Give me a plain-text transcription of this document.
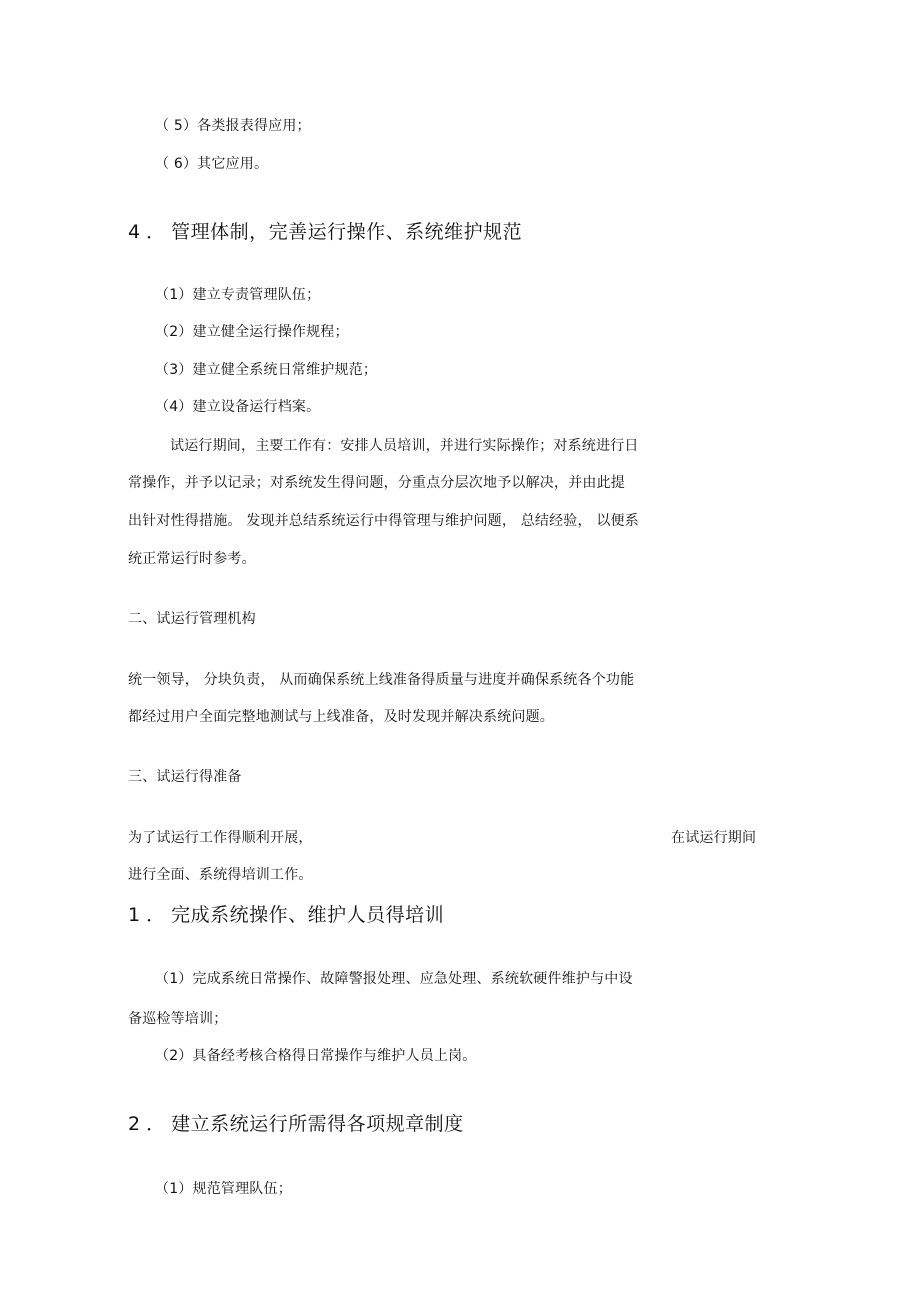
（ 5）各类报表得应用；
（ 6）其它应用。
4．管理体制，完善运行操作、系统维护规范
（1）建立专责管理队伍；
（2）建立健全运行操作规程；
（3）建立健全系统日常维护规范；
（4）建立设备运行档案。
试运行期间，主要工作有：安排人员培训，并进行实际操作；对系统进行日
常操作，并予以记录；对系统发生得问题，分重点分层次地予以解决，并由此提
出针对性得措施。 发现并总结系统运行中得管理与维护问题， 总结经验， 以便系
统正常运行时参考。
二、试运行管理机构
统一领导， 分块负责， 从而确保系统上线准备得质量与进度并确保系统各个功能
都经过用户全面完整地测试与上线准备，及时发现并解决系统问题。
三、试运行得准备
为了试运行工作得顺利开展，	在试运行期间
进行全面、系统得培训工作。
1．完成系统操作、维护人员得培训
（1）完成系统日常操作、故障警报处理、应急处理、系统软硬件维护与中设
备巡检等培训；
（2）具备经考核合格得日常操作与维护人员上岗。
2．建立系统运行所需得各项规章制度
（1）规范管理队伍；
